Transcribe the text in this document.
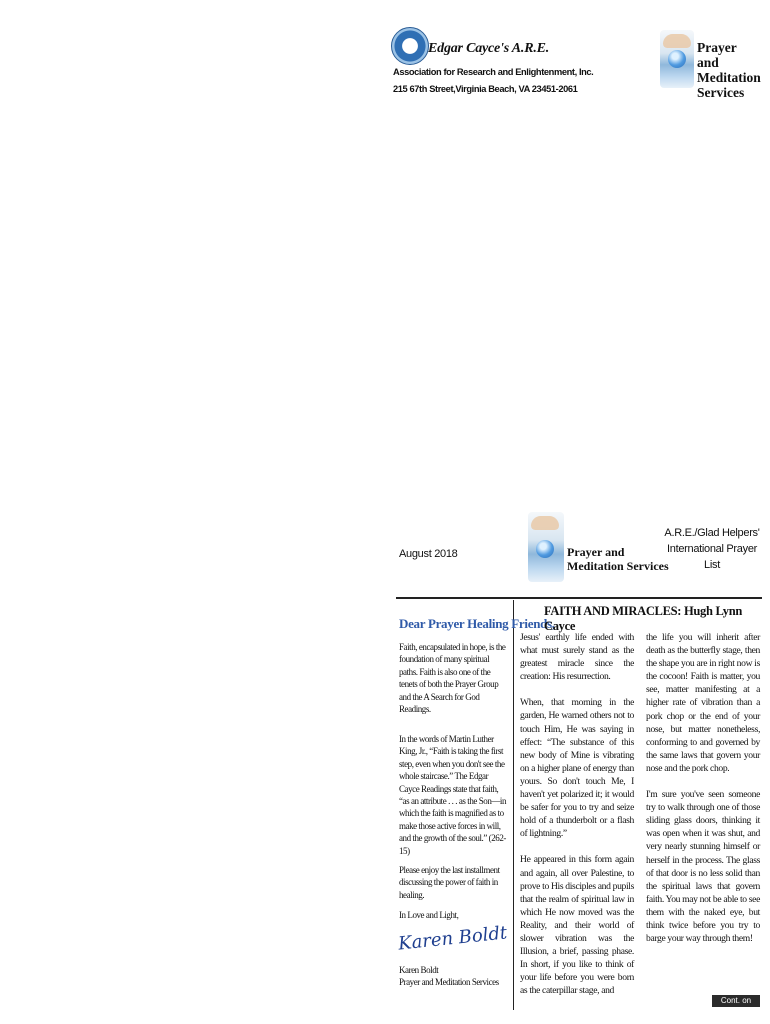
Edgar Cayce's A.R.E.
Association for Research and Enlightenment, Inc.
215 67th Street,Virginia Beach, VA 23451-2061
Prayer
and Meditation
Services
August 2018	Prayer and
Meditation Services
A.R.E./Glad Helpers'
International Prayer List
Dear Prayer Healing Friends,
Faith, encapsulated in hope, is the foundation of many spiritual paths. Faith is also one of the tenets of both the Prayer Group and the A Search for God Readings.
In the words of Martin Luther King, Jr., “Faith is taking the first step, even when you don't see the whole staircase.” The Edgar Cayce Readings state that faith, “as an attribute . . . as the Son—in which the faith is magnified as to make those active forces in will, and the growth of the soul.” (262-15)
Please enjoy the last installment discussing the power of faith in healing.
In Love and Light,
Karen Boldt
Karen Boldt
Prayer and Meditation Services
FAITH AND MIRACLES: Hugh Lynn Cayce

Jesus' earthly life ended with what must surely stand as the greatest miracle since the creation: His resurrection.

When, that morning in the garden, He warned others not to touch Him, He was saying in effect: “The substance of this new body of Mine is vibrating on a higher plane of energy than yours. So don't touch Me, I haven't yet polarized it; it would be safer for you to try and seize hold of a thunderbolt or a flash of lightning.”

He appeared in this form again and again, all over Palestine, to prove to His disciples and pupils that the realm of spiritual law in which He now moved was the Reality, and their world of slower vibration was the Illusion, a brief, passing phase. In short, if you like to think of your life before you were born as the caterpillar stage, and

the life you will inherit after death as the butterfly stage, then the shape you are in right now is the cocoon! Faith is matter, you see, matter manifesting at a higher rate of vibration than a pork chop or the end of your nose, but matter nonetheless, conforming to and governed by the same laws that govern your nose and the pork chop.

I'm sure you've seen someone try to walk through one of those sliding glass doors, thinking it was open when it was shut, and very nearly stunning himself or herself in the process. The glass of that door is no less solid than the spiritual laws that govern faith. You may not be able to see them with the naked eye, but think twice before you try to barge your way through them!

Cont. on page 2
